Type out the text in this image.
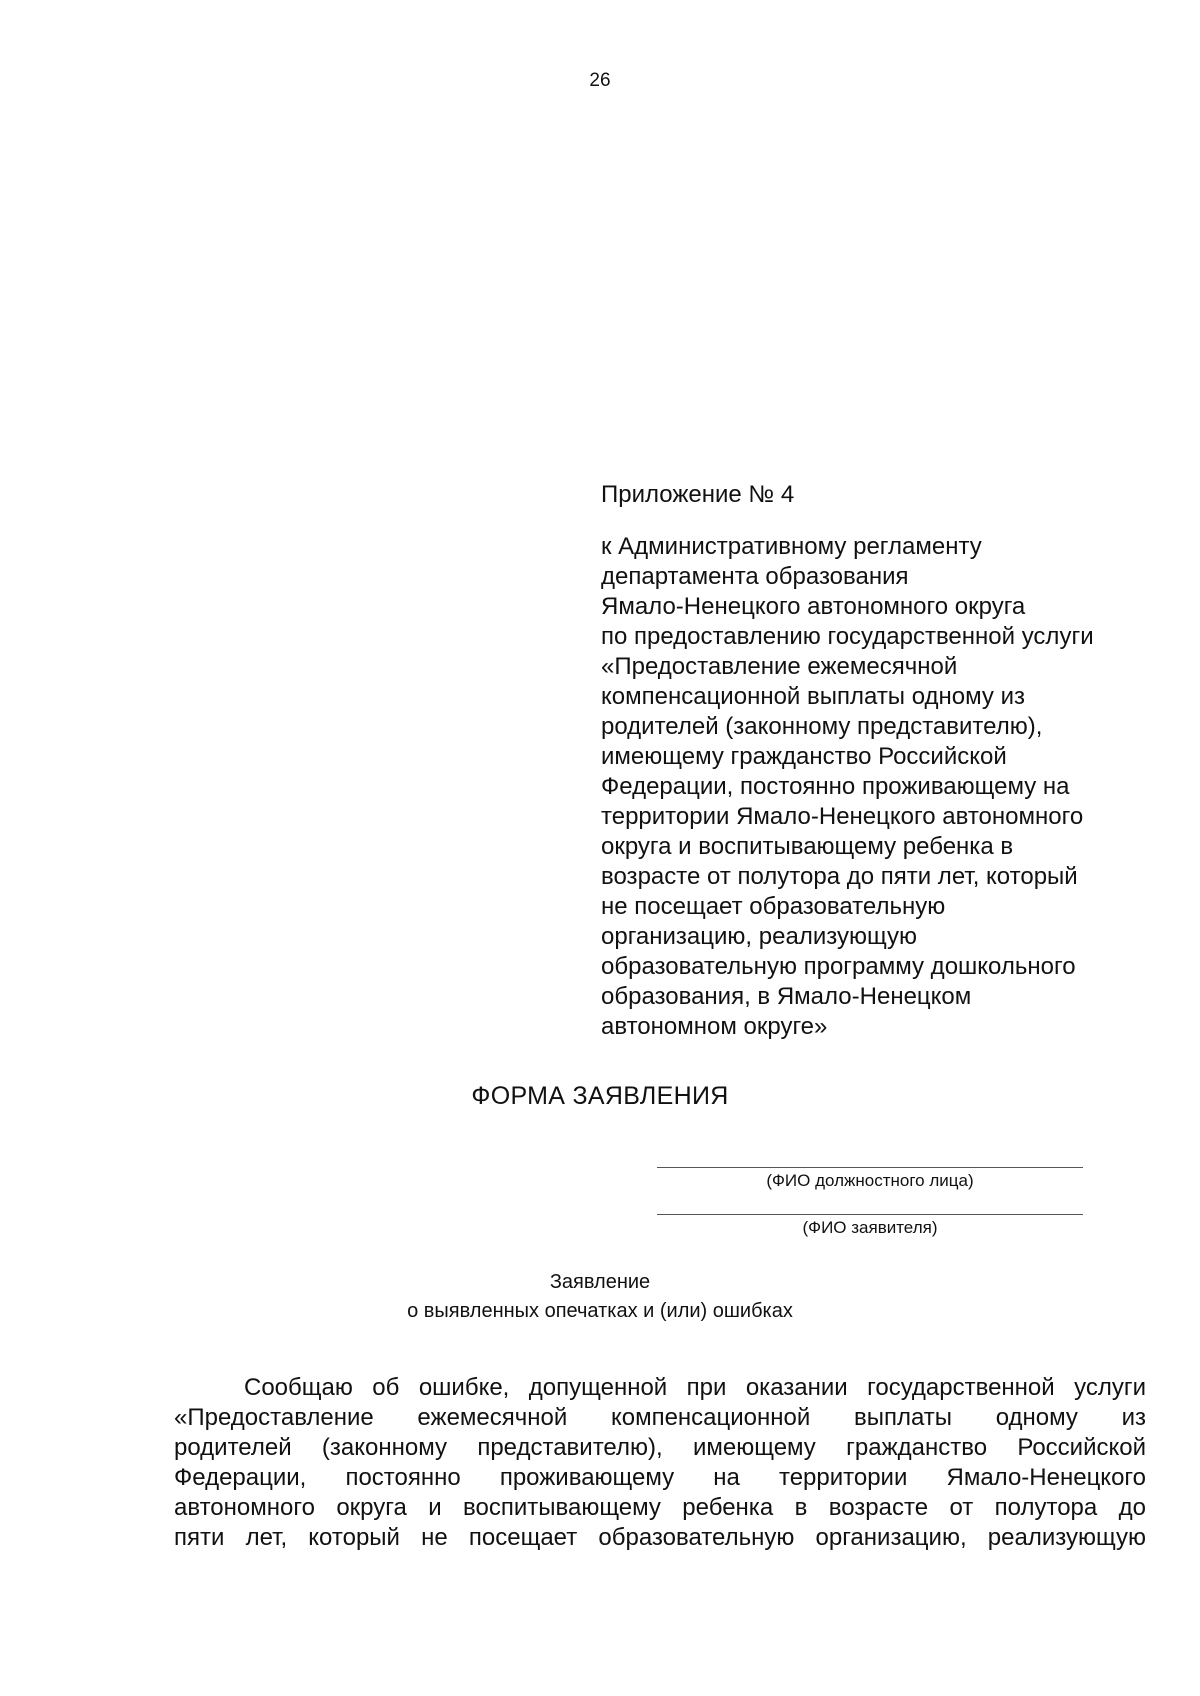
26
Приложение № 4
к Административному регламенту
департамента образования
Ямало-Ненецкого автономного округа
по предоставлению государственной услуги
«Предоставление ежемесячной
компенсационной выплаты одному из
родителей (законному представителю),
имеющему гражданство Российской
Федерации, постоянно проживающему на
территории Ямало-Ненецкого автономного
округа и воспитывающему ребенка в
возрасте от полутора до пяти лет, который
не посещает образовательную
организацию, реализующую
образовательную программу дошкольного
образования, в Ямало-Ненецком
автономном округе»
ФОРМА ЗАЯВЛЕНИЯ
(ФИО должностного лица)
(ФИО заявителя)
Заявление
о выявленных опечатках и (или) ошибках
Сообщаю об ошибке, допущенной при оказании государственной услуги
«Предоставление ежемесячной компенсационной выплаты одному из
родителей (законному представителю), имеющему гражданство Российской
Федерации, постоянно проживающему на территории Ямало-Ненецкого
автономного округа и воспитывающему ребенка в возрасте от полутора до
пяти лет, который не посещает образовательную организацию, реализующую
